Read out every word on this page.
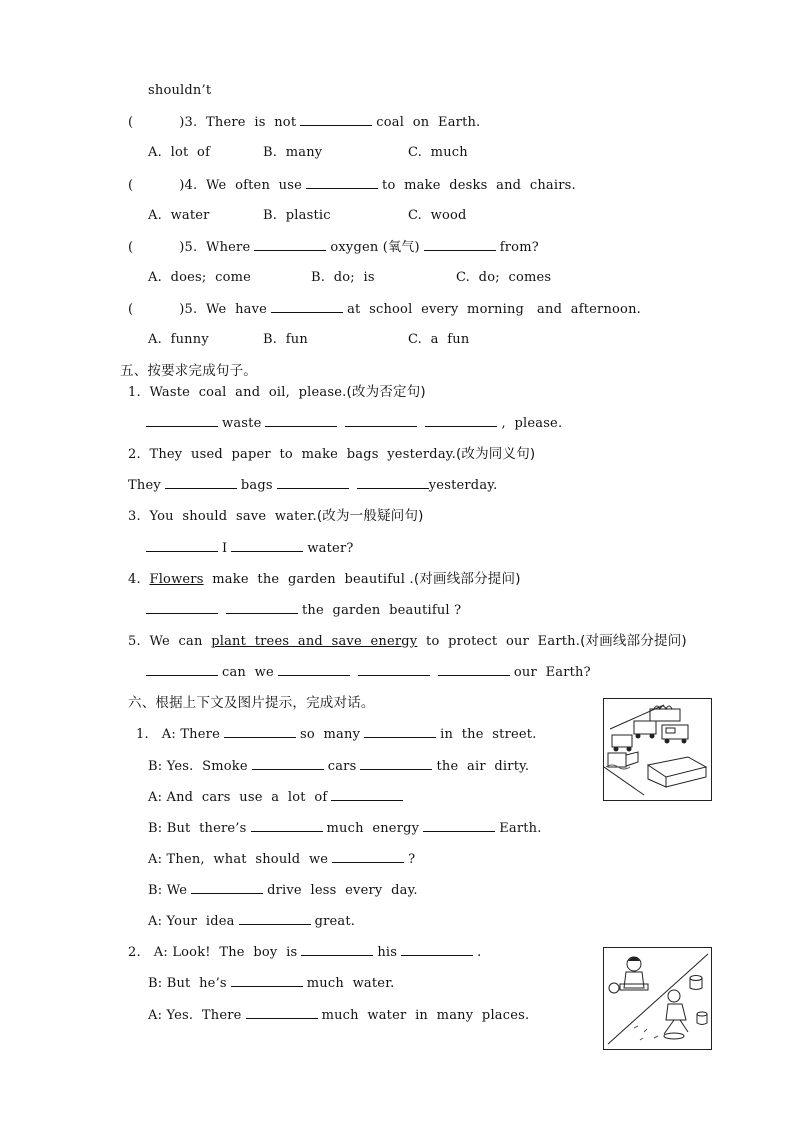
shouldn’t
(	)3. There  is  not	coal  on  Earth.
A.  lot  of	B.  many	C.  much
(	)4. We  often  use	to  make  desks  and  chairs.
A.  water	B.  plastic	C.  wood
(	)5. Where	oxygen (氧气)	from?
A.  does;  come	B.  do;  is	C.  do;  comes
(	)5. We  have	at  school  every  morning   and  afternoon.
A.  funny	B.  fun	C.  a  fun
五、按要求完成句子。
1.  Waste  coal  and  oil,  please.(改为否定句)
waste	,  please.
2.  They  used  paper  to  make  bags  yesterday.(改为同义句)
They	bags	yesterday.
3.  You  should  save  water.(改为一般疑问句)
I	water?
4. Flowers make  the  garden  beautiful .(对画线部分提问)
the  garden  beautiful ?
5.  We  can plant  trees  and  save  energy to  protect  our  Earth.(对画线部分提问)
can  we	our  Earth?
六、根据上下文及图片提示，完成对话。
1.   A: There	so  many	in  the  street.
B: Yes.  Smoke	cars	the  air  dirty.
A: And  cars  use  a  lot  of
B: But  there’s	much  energy	Earth.
A: Then,  what  should  we	?
B: We	drive  less  every  day.
A: Your  idea	great.
2.   A: Look!  The  boy  is	his	.
B: But  he’s	much  water.
A: Yes.  There	much  water  in  many  places.
